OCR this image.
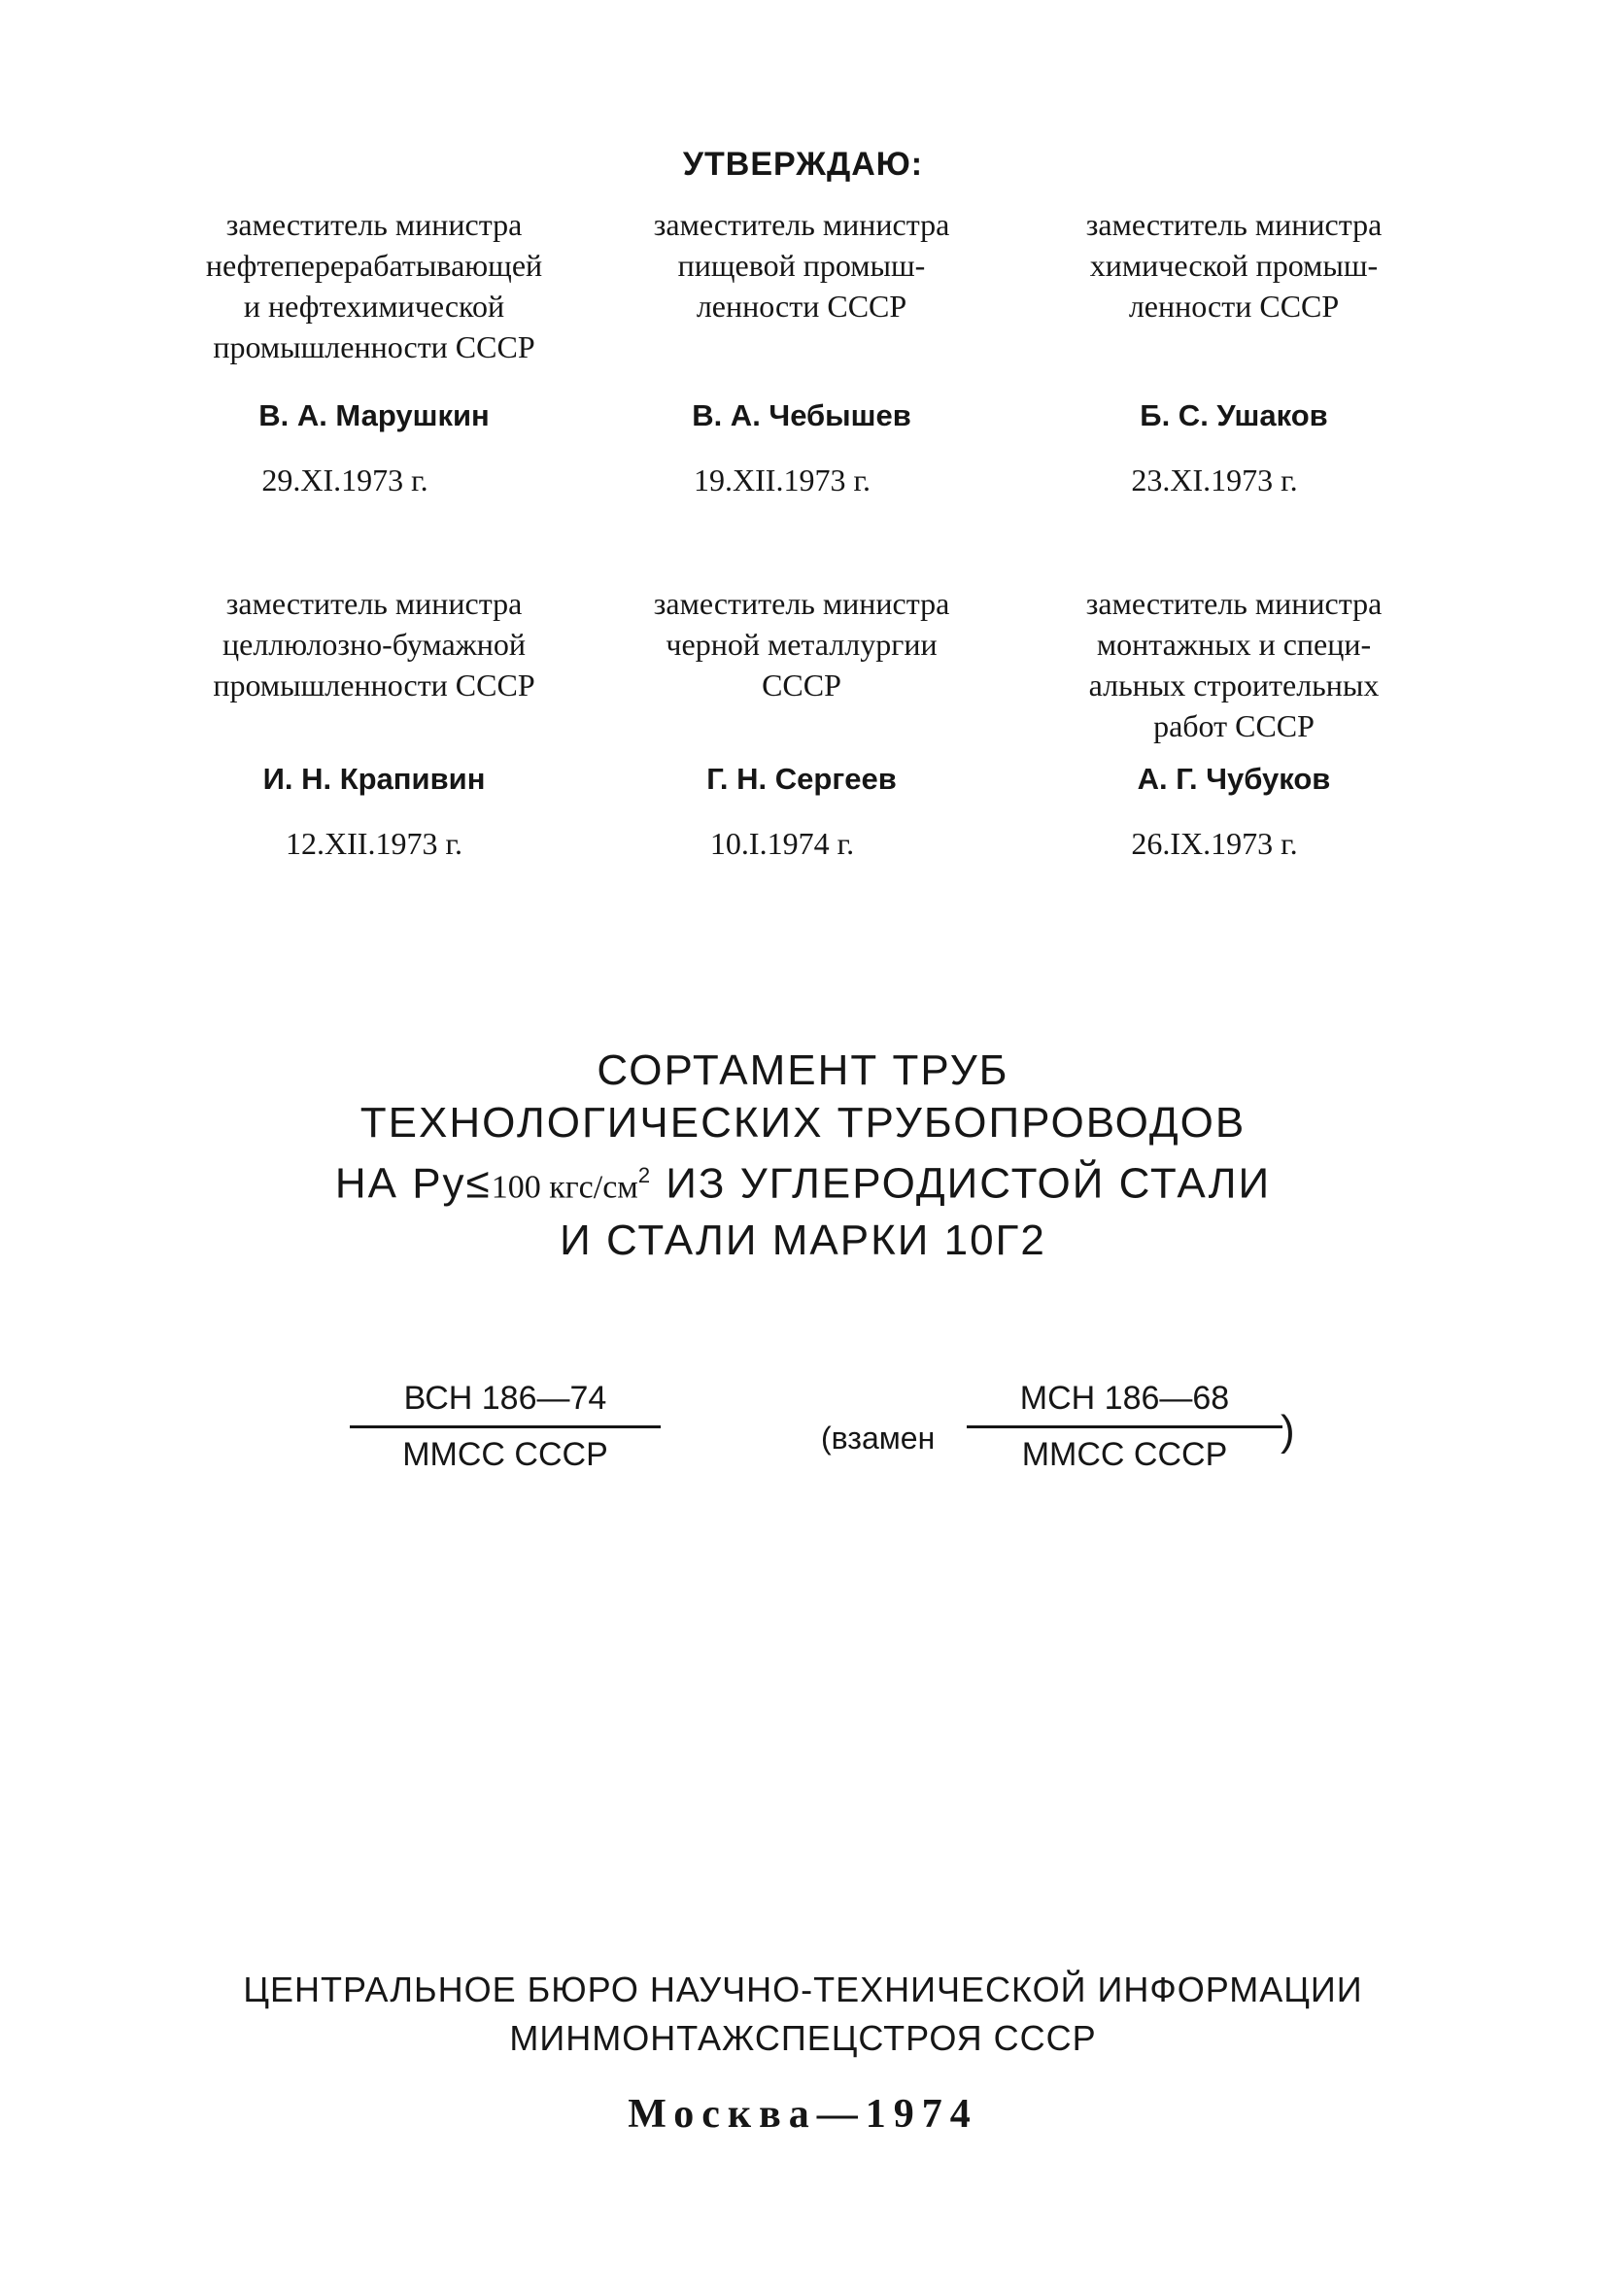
УТВЕРЖДАЮ:
заместитель министра
нефтеперерабатывающей
и нефтехимической
промышленности СССР
В. А. Марушкин
29.XI.1973 г.
заместитель министра
пищевой промыш-
ленности СССР
В. А. Чебышев
19.XII.1973 г.
заместитель министра
химической промыш-
ленности СССР
Б. С. Ушаков
23.XI.1973 г.
заместитель министра
целлюлозно-бумажной
промышленности СССР
И. Н. Крапивин
12.XII.1973 г.
заместитель министра
черной металлургии
СССР
Г. Н. Сергеев
10.I.1974 г.
заместитель министра
монтажных и специ-
альных строительных
работ СССР
А. Г. Чубуков
26.IX.1973 г.
СОРТАМЕНТ ТРУБ
ТЕХНОЛОГИЧЕСКИХ ТРУБОПРОВОДОВ
НА Ру≤100 кгс/$см^2$ ИЗ УГЛЕРОДИСТОЙ СТАЛИ
И СТАЛИ МАРКИ 10Г2
ВСН 186—74
ММСС СССР	(взамен
МСН 186—68
ММСС СССР	)
ЦЕНТРАЛЬНОЕ БЮРО НАУЧНО-ТЕХНИЧЕСКОЙ ИНФОРМАЦИИ
МИНМОНТАЖСПЕЦСТРОЯ СССР
Москва—1974
